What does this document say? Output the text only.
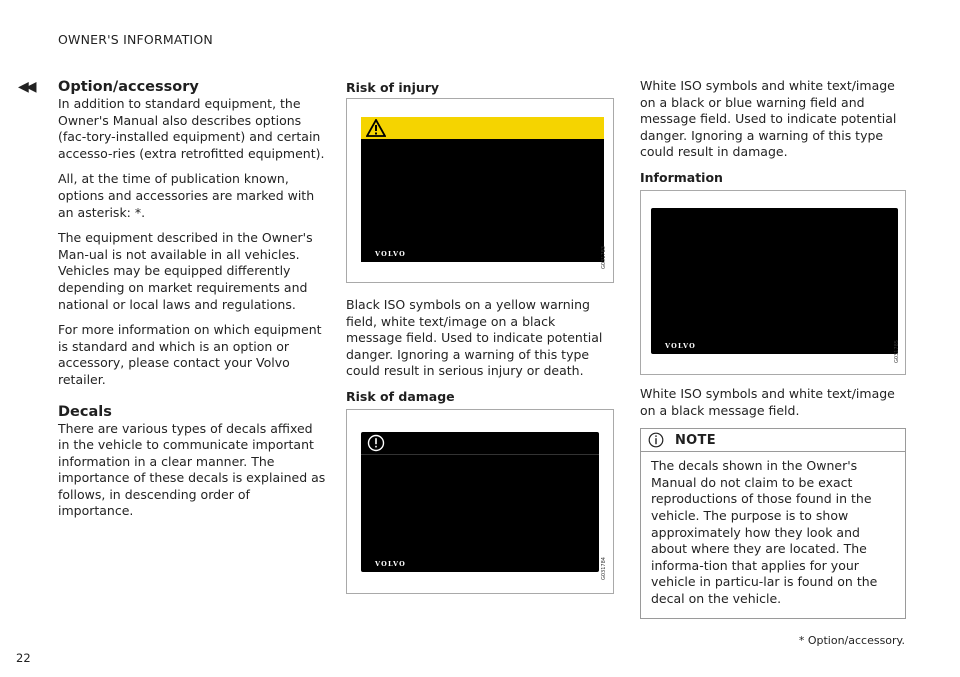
OWNER'S INFORMATION
◀◀ Option/accessory

In addition to standard equipment, the Owner's Manual also describes options (fac-tory-installed equipment) and certain accesso-ries (extra retrofitted equipment).

All, at the time of publication known, options and accessories are marked with an asterisk: *.

The equipment described in the Owner's Man-ual is not available in all vehicles. Vehicles may be equipped differently depending on market requirements and national or local laws and regulations.

For more information on which equipment is standard and which is an option or accessory, please contact your Volvo retailer.

Decals

There are various types of decals affixed in the vehicle to communicate important information in a clear manner. The importance of these decals is explained as follows, in descending order of importance.

Risk of injury
VOLVO	G031783

Black ISO symbols on a yellow warning field, white text/image on a black message field. Used to indicate potential danger. Ignoring a warning of this type could result in serious injury or death.

Risk of damage
VOLVO	G031784

White ISO symbols and white text/image on a black or blue warning field and message field. Used to indicate potential danger. Ignoring a warning of this type could result in damage.

Information
VOLVO	G031785

White ISO symbols and white text/image on a black message field.

NOTE

The decals shown in the Owner's Manual do not claim to be exact reproductions of those found in the vehicle. The purpose is to show approximately how they look and about where they are located. The informa-tion that applies for your vehicle in particu-lar is found on the decal on the vehicle.

* Option/accessory.
22
